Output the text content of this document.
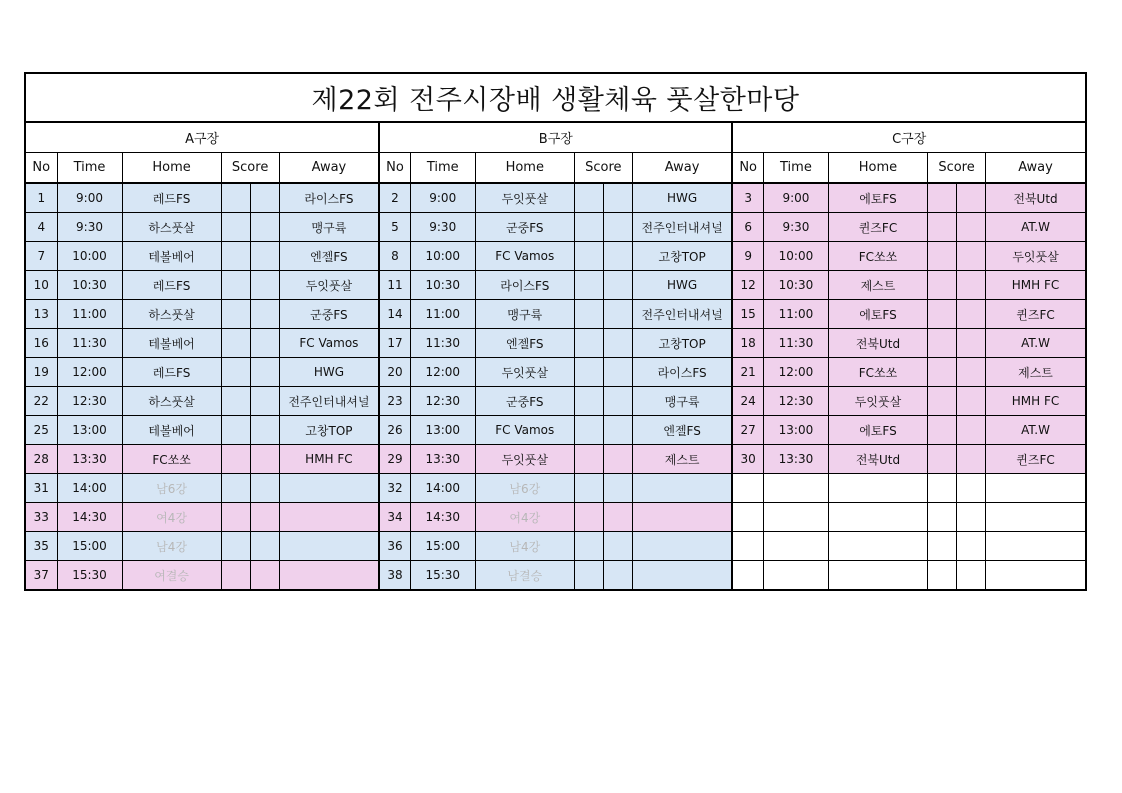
제22회 전주시장배 생활체육 풋살한마당																	
A구장						B구장						C구장					
No	Time	Home	Score		Away	No	Time	Home	Score		Away	No	Time	Home	Score		Away
1	9:00	레드FS			라이스FS	2	9:00	두잇풋살			HWG	3	9:00	에토FS			전북Utd
4	9:30	하스풋살			맹구륙	5	9:30	군중FS			전주인터내셔널	6	9:30	퀸즈FC			AT.W
7	10:00	테볼베어			엔젤FS	8	10:00	FC Vamos			고창TOP	9	10:00	FC쏘쏘			두잇풋살
10	10:30	레드FS			두잇풋살	11	10:30	라이스FS			HWG	12	10:30	제스트			HMH FC
13	11:00	하스풋살			군중FS	14	11:00	맹구륙			전주인터내셔널	15	11:00	에토FS			퀸즈FC
16	11:30	테볼베어			FC Vamos	17	11:30	엔젤FS			고창TOP	18	11:30	전북Utd			AT.W
19	12:00	레드FS			HWG	20	12:00	두잇풋살			라이스FS	21	12:00	FC쏘쏘			제스트
22	12:30	하스풋살			전주인터내셔널	23	12:30	군중FS			맹구륙	24	12:30	두잇풋살			HMH FC
25	13:00	테볼베어			고창TOP	26	13:00	FC Vamos			엔젤FS	27	13:00	에토FS			AT.W
28	13:30	FC쏘쏘			HMH FC	29	13:30	두잇풋살			제스트	30	13:30	전북Utd			퀸즈FC
31	14:00	남6강				32	14:00	남6강									
33	14:30	여4강				34	14:30	여4강									
35	15:00	남4강				36	15:00	남4강									
37	15:30	여결승				38	15:30	남결승									
